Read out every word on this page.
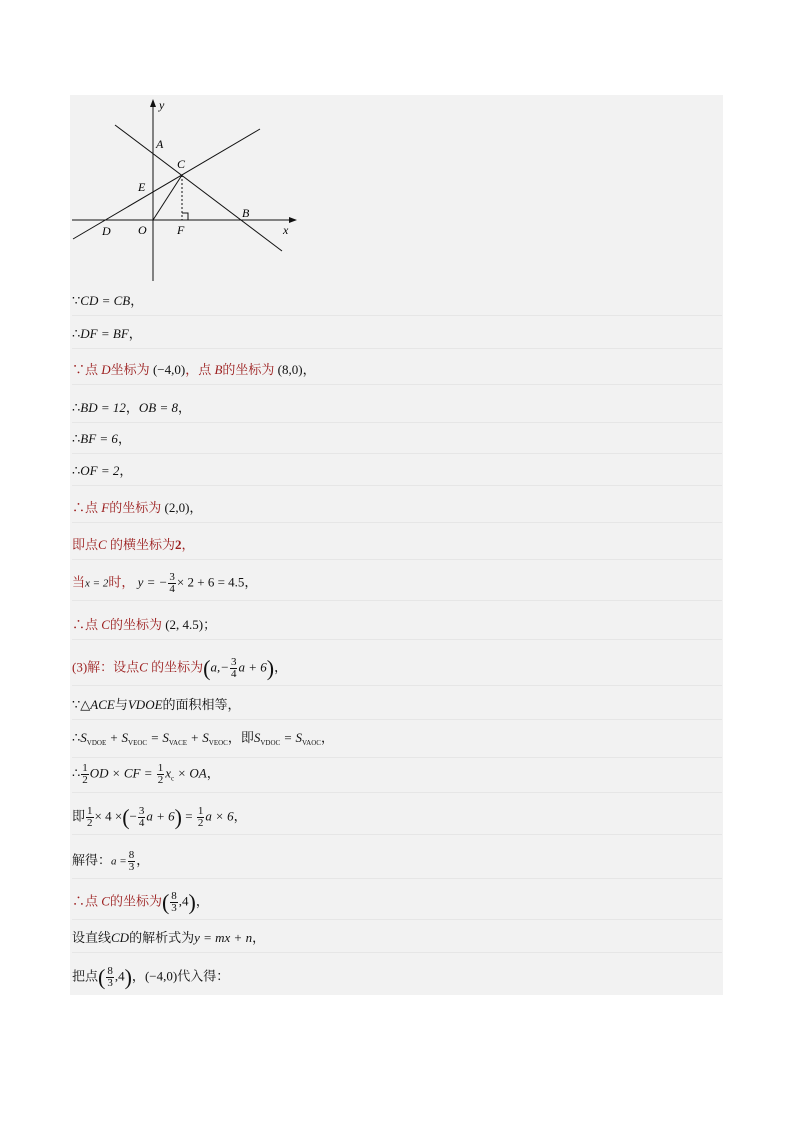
y
A
C
E
B
D O	F	x
∵CD = CB，
∴DF = BF，
∵点 D坐标为 (−4,0)，点 B的坐标为 (8,0)，
∴BD = 12，OB = 8，
∴BF = 6，
∴OF = 2，
∴点 F的坐标为 (2,0)，
即点C 的横坐标为2，
当x = 2时， y = − $\frac{3}{4} \times 2 + 6 = 4.5$，
∴点 C的坐标为 (2, 4.5)；
(3)解：设点C 的坐标为($a,- \frac{3}{4}$ a + 6)，
∵△ACE与VDOE的面积相等，
$\therefore S_{VDOE} + S_{VEOC} = S_{VACE} + S_{VEOC}$，即$S_{VDOC} = S_{VAOC}$，
∴ $\frac{1}{2}$ OD × CF = $\frac{1}{2} x_c$ × OA，
即 $\frac{1}{2} \times 4$ ×(− $\frac{3}{4}$ $a + 6) = \frac{1}{2}$ a × 6，
解得：$a = \frac{8}{3}$ ，
∴点 C的坐标为( $\frac{8}{3} ,4$)，
设直线CD的解析式为y = mx + n，
把点( $\frac{8}{3} ,4$)，(−4,0)代入得：
